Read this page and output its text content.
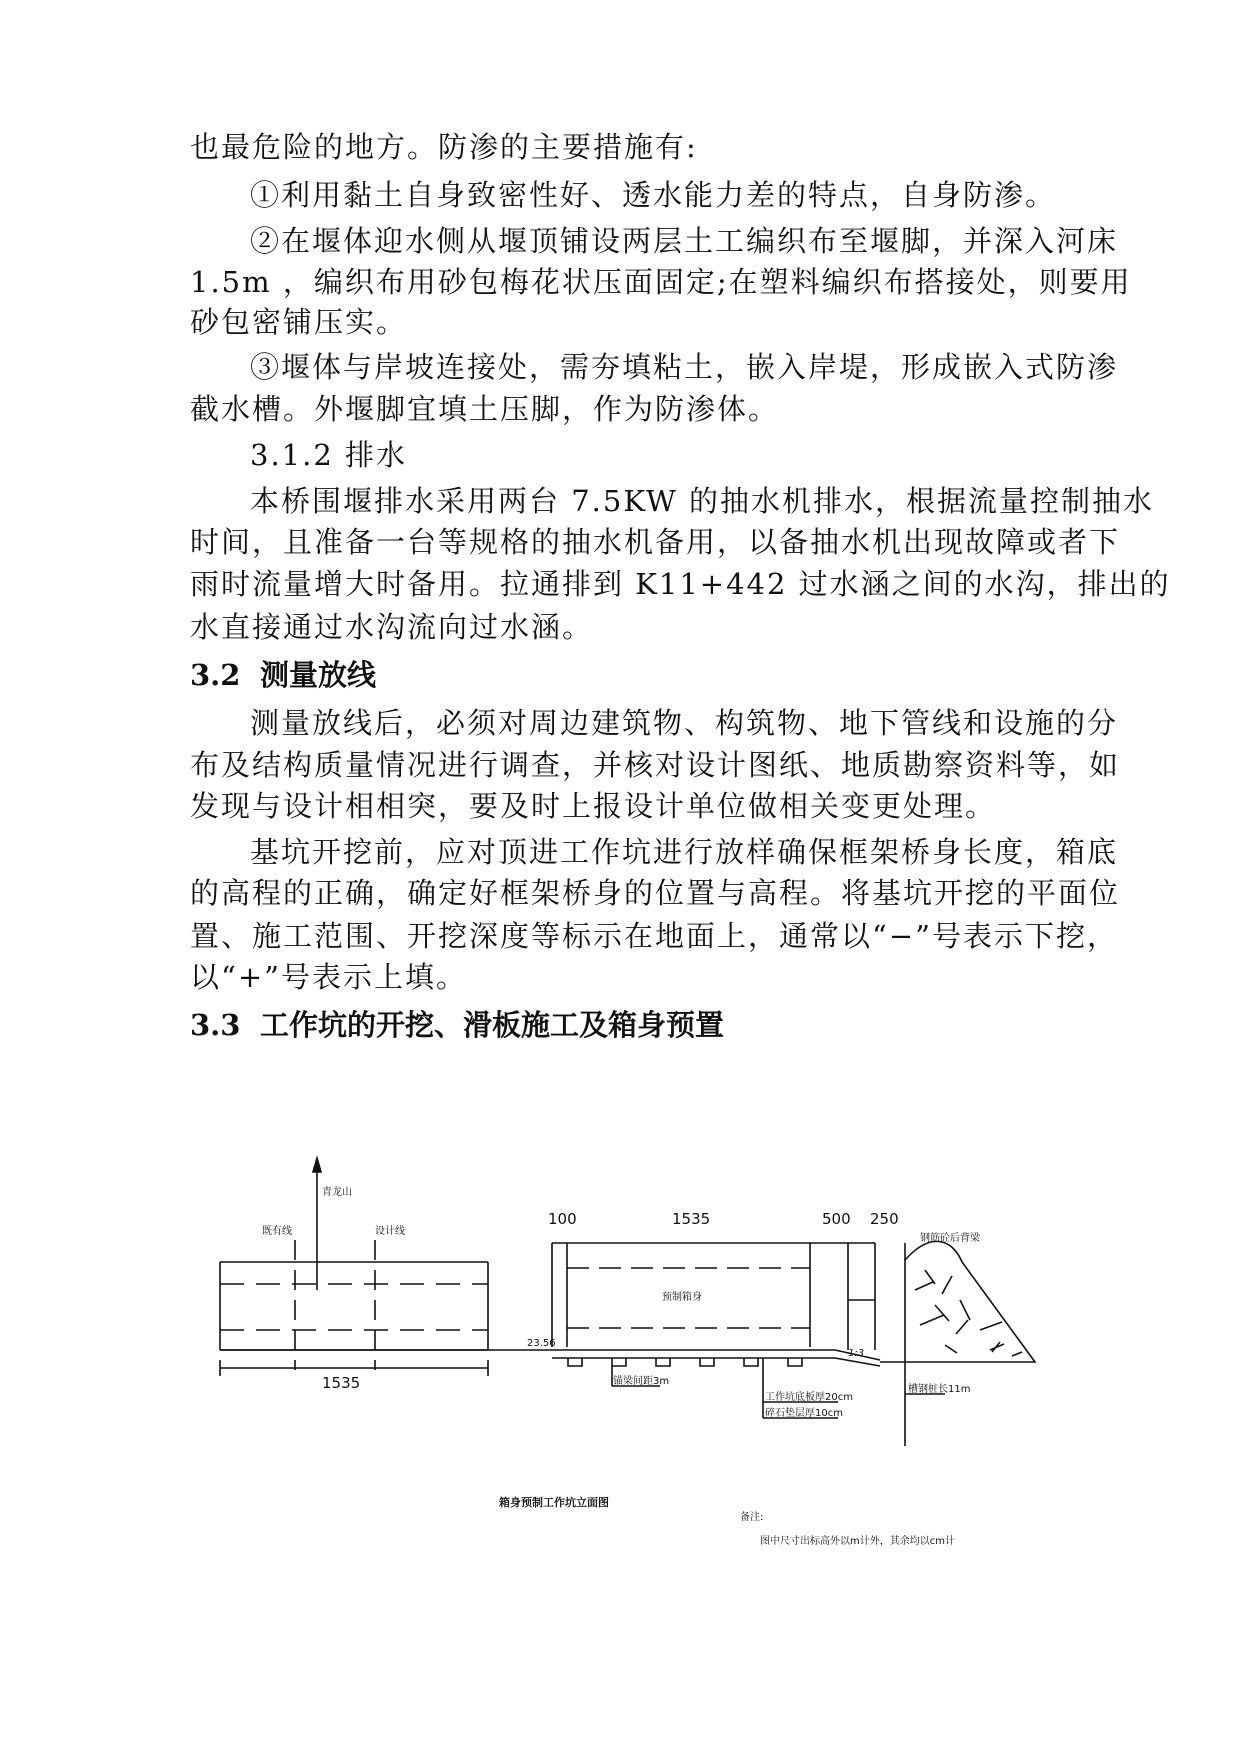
也最危险的地方。防渗的主要措施有:
①利用黏土自身致密性好、透水能力差的特点，自身防渗。
②在堰体迎水侧从堰顶铺设两层土工编织布至堰脚，并深入河床
1.5m ，编织布用砂包梅花状压面固定;在塑料编织布搭接处，则要用
砂包密铺压实。
③堰体与岸坡连接处，需夯填粘土，嵌入岸堤，形成嵌入式防渗
截水槽。外堰脚宜填土压脚，作为防渗体。
3.1.2 排水
本桥围堰排水采用两台 7.5KW 的抽水机排水，根据流量控制抽水
时间，且准备一台等规格的抽水机备用，以备抽水机出现故障或者下
雨时流量增大时备用。拉通排到 K11+442 过水涵之间的水沟，排出的
水直接通过水沟流向过水涵。
3.2 测量放线
测量放线后，必须对周边建筑物、构筑物、地下管线和设施的分
布及结构质量情况进行调查，并核对设计图纸、地质勘察资料等，如
发现与设计相相突，要及时上报设计单位做相关变更处理。
基坑开挖前，应对顶进工作坑进行放样确保框架桥身长度，箱底
的高程的正确，确定好框架桥身的位置与高程。将基坑开挖的平面位
置、施工范围、开挖深度等标示在地面上，通常以“−”号表示下挖，
以“+”号表示上填。
3.3 工作坑的开挖、滑板施工及箱身预置
青龙山
既有线	设计线
1535
100	1535	500 250
预制箱身
23.56
1:3
钢筋砼后背梁
锚梁间距3m
工作坑底板厚20cm
碎石垫层厚10cm
槽钢桩长11m
箱身预制工作坑立面图
备注:
图中尺寸出标高外以m计外，其余均以cm计
